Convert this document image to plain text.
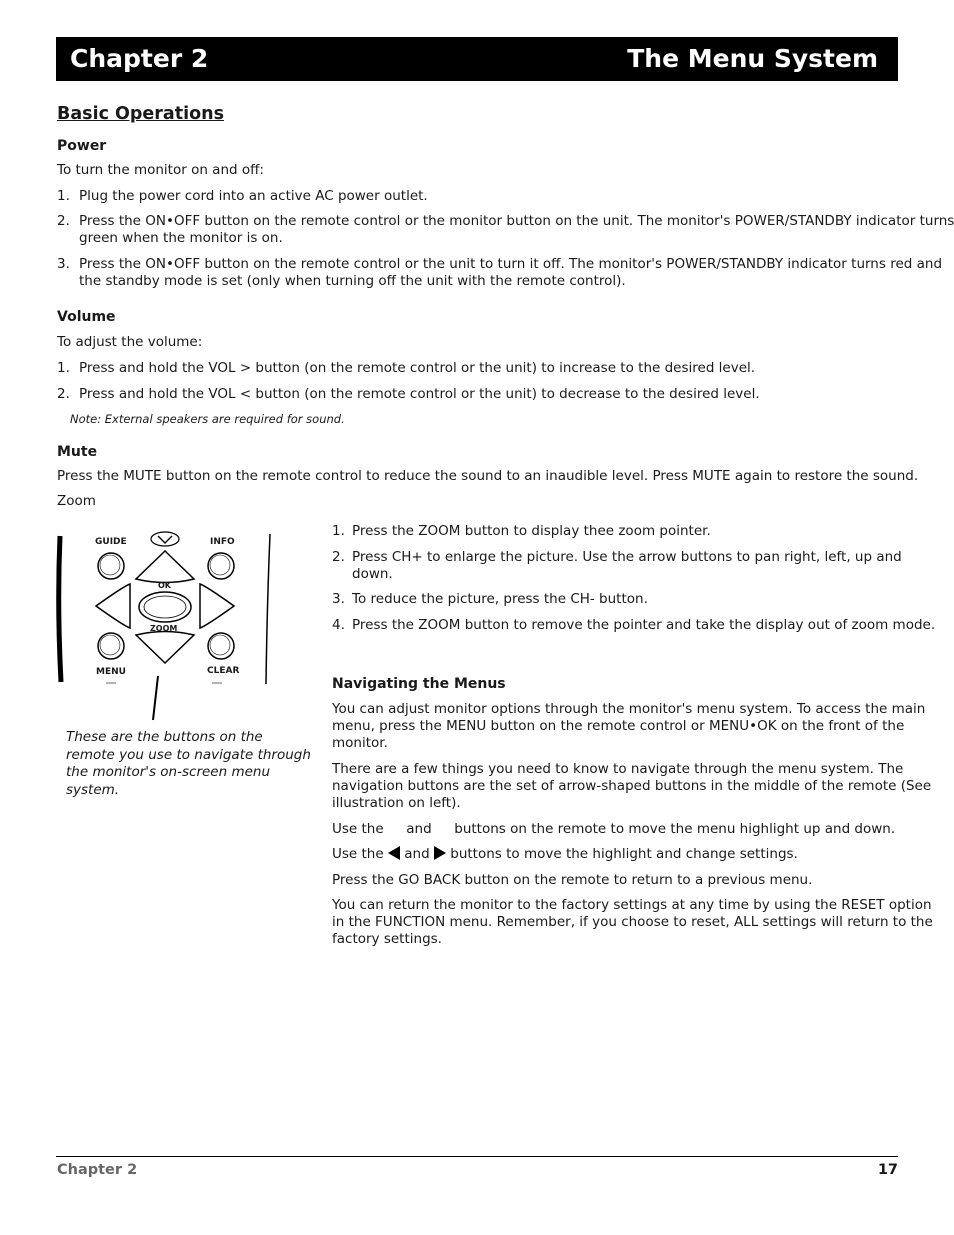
Chapter 2	The Menu System
Basic Operations
Power
To turn the monitor on and off:
1. Plug the power cord into an active AC power outlet.
2. Press the ON•OFF button on the remote control or the monitor button on the unit. The monitor's POWER/STANDBY indicator turns
green when the monitor is on.
3. Press the ON•OFF button on the remote control or the unit to turn it off. The monitor's POWER/STANDBY indicator turns red and
the standby mode is set (only when turning off the unit with the remote control).
Volume
To adjust the volume:
1. Press and hold the VOL > button (on the remote control or the unit) to increase to the desired level.
2. Press and hold the VOL < button (on the remote control or the unit) to decrease to the desired level.
Note: External speakers are required for sound.
Mute
Press the MUTE button on the remote control to reduce the sound to an inaudible level. Press MUTE again to restore the sound.
Zoom
GUIDE	INFO
OK
ZOOM
MENU	CLEAR
These are the buttons on the
remote you use to navigate through
the monitor's on-screen menu
system.
1. Press the ZOOM button to display thee zoom pointer.
2. Press CH+ to enlarge the picture. Use the arrow buttons to pan right, left, up and
down.
3. To reduce the picture, press the CH- button.
4. Press the ZOOM button to remove the pointer and take the display out of zoom mode.
Navigating the Menus
You can adjust monitor options through the monitor's menu system. To access the main
menu, press the MENU button on the remote control or MENU•OK on the front of the
monitor.
There are a few things you need to know to navigate through the menu system. The
navigation buttons are the set of arrow-shaped buttons in the middle of the remote (See
illustration on left).
Use the and buttons on the remote to move the menu highlight up and down.
Use the and buttons to move the highlight and change settings.
Press the GO BACK button on the remote to return to a previous menu.
You can return the monitor to the factory settings at any time by using the RESET option
in the FUNCTION menu. Remember, if you choose to reset, ALL settings will return to the
factory settings.
Chapter 2	17
